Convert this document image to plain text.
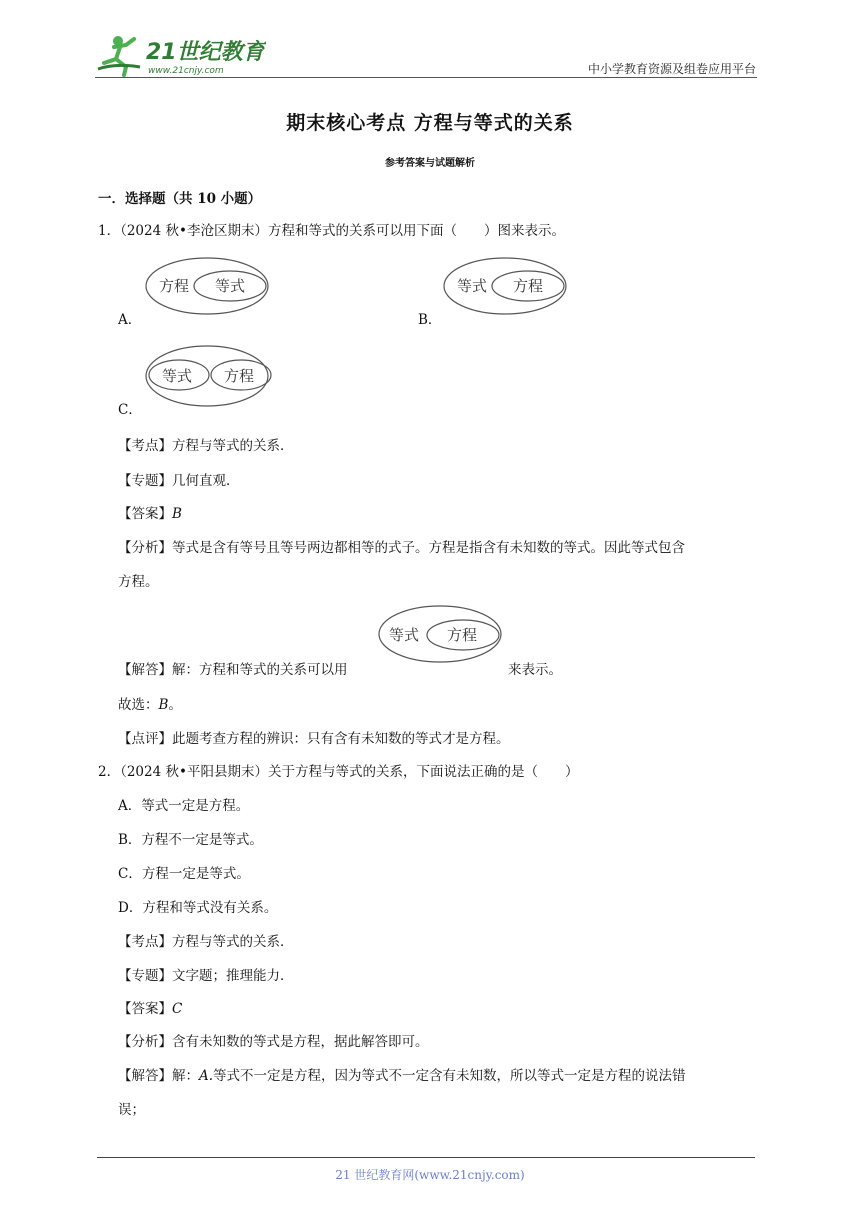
21世纪教育
www.21cnjy.com	中小学教育资源及组卷应用平台
期末核心考点 方程与等式的关系
参考答案与试题解析
一．选择题（共 10 小题）
1．（2024 秋•李沧区期末）方程和等式的关系可以用下面（　　）图来表示。
A．
方程 等式
B．
等式 方程
C．
等式 方程
【考点】方程与等式的关系．
【专题】几何直观．
【答案】B
【分析】等式是含有等号且等号两边都相等的式子。方程是指含有未知数的等式。因此等式包含
方程。
等式 方程
【解答】解：方程和等式的关系可以用	来表示。
故选：B。
【点评】此题考查方程的辨识：只有含有未知数的等式才是方程。
2．（2024 秋•平阳县期末）关于方程与等式的关系，下面说法正确的是（　　）
A．等式一定是方程。
B．方程不一定是等式。
C．方程一定是等式。
D．方程和等式没有关系。
【考点】方程与等式的关系．
【专题】文字题；推理能力．
【答案】C
【分析】含有未知数的等式是方程，据此解答即可。
【解答】解：A.等式不一定是方程，因为等式不一定含有未知数，所以等式一定是方程的说法错
误；
21 世纪教育网(www.21cnjy.com)
